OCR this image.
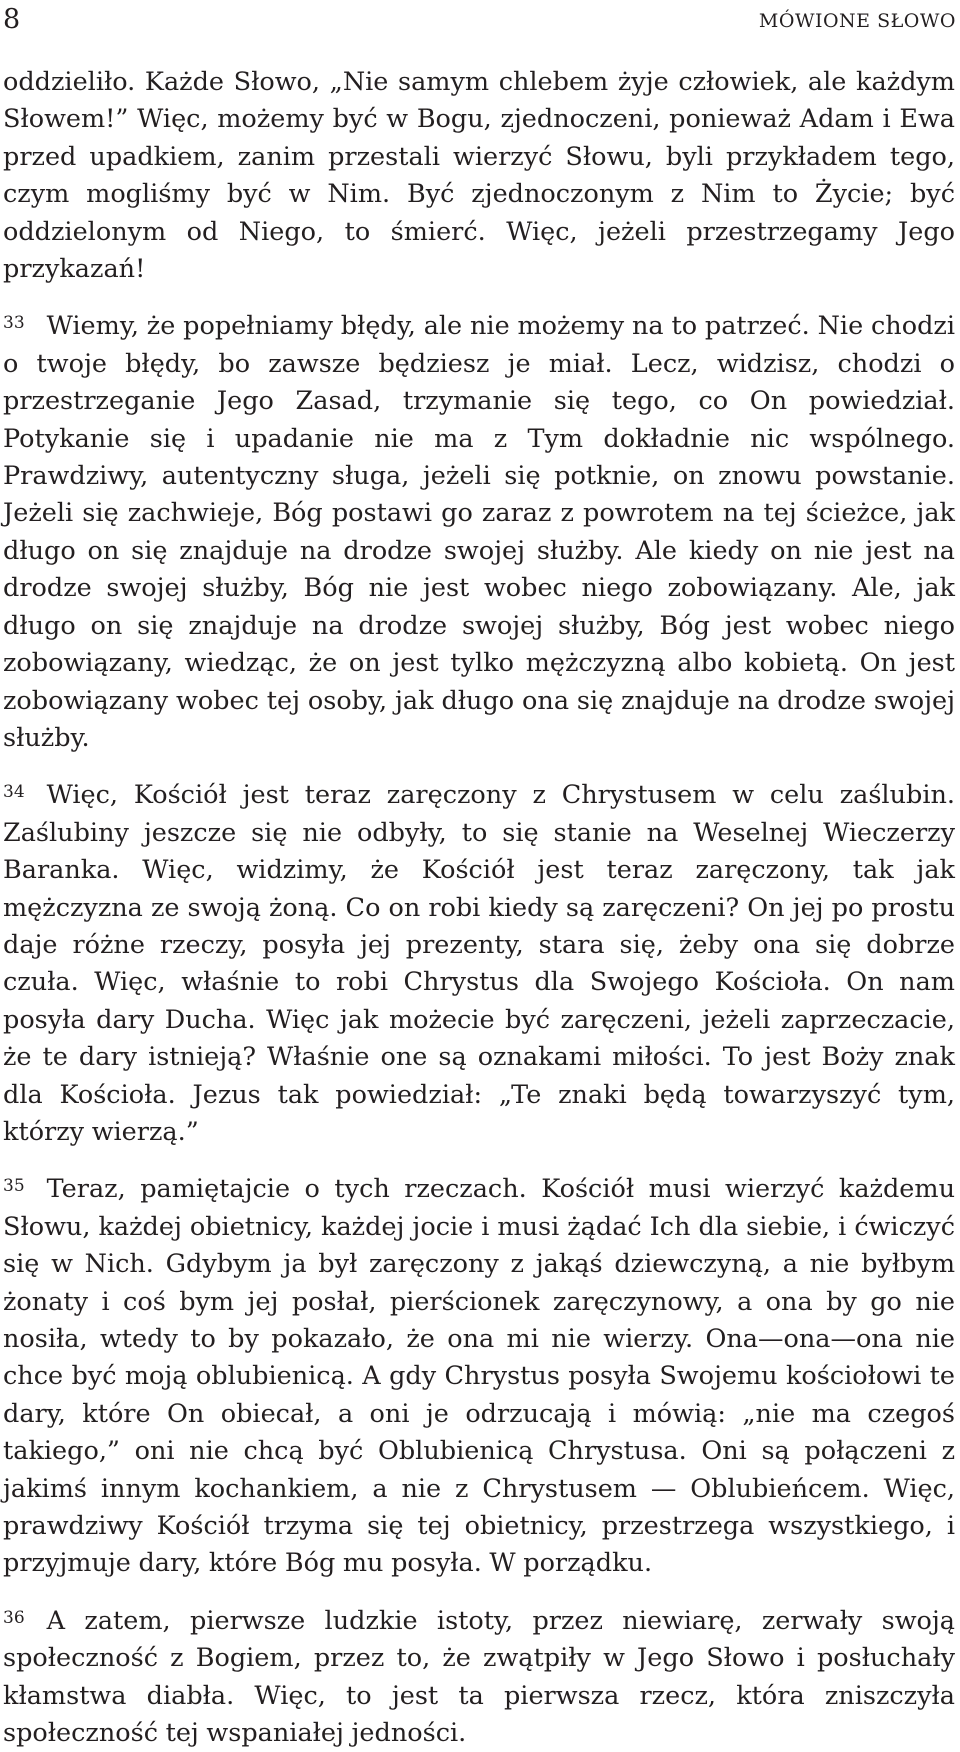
8	MÓWIONE SŁOWO

oddzieliło. Każde Słowo, „Nie samym chlebem żyje człowiek, ale każdym Słowem!” Więc, możemy być w Bogu, zjednoczeni, ponieważ Adam i Ewa przed upadkiem, zanim przestali wierzyć Słowu, byli przykładem tego, czym mogliśmy być w Nim. Być zjednoczonym z Nim to Życie; być oddzielonym od Niego, to śmierć. Więc, jeżeli przestrzegamy Jego przykazań!

$^{33}$ Wiemy, że popełniamy błędy, ale nie możemy na to patrzeć. Nie chodzi o twoje błędy, bo zawsze będziesz je miał. Lecz, widzisz, chodzi o przestrzeganie Jego Zasad, trzymanie się tego, co On powiedział. Potykanie się i upadanie nie ma z Tym dokładnie nic wspólnego. Prawdziwy, autentyczny sługa, jeżeli się potknie, on znowu powstanie. Jeżeli się zachwieje, Bóg postawi go zaraz z powrotem na tej ścieżce, jak długo on się znajduje na drodze swojej służby. Ale kiedy on nie jest na drodze swojej służby, Bóg nie jest wobec niego zobowiązany. Ale, jak długo on się znajduje na drodze swojej służby, Bóg jest wobec niego zobowiązany, wiedząc, że on jest tylko mężczyzną albo kobietą. On jest zobowiązany wobec tej osoby, jak długo ona się znajduje na drodze swojej służby.

$^{34}$ Więc, Kościół jest teraz zaręczony z Chrystusem w celu zaślubin. Zaślubiny jeszcze się nie odbyły, to się stanie na Weselnej Wieczerzy Baranka. Więc, widzimy, że Kościół jest teraz zaręczony, tak jak mężczyzna ze swoją żoną. Co on robi kiedy są zaręczeni? On jej po prostu daje różne rzeczy, posyła jej prezenty, stara się, żeby ona się dobrze czuła. Więc, właśnie to robi Chrystus dla Swojego Kościoła. On nam posyła dary Ducha. Więc jak możecie być zaręczeni, jeżeli zaprzeczacie, że te dary istnieją? Właśnie one są oznakami miłości. To jest Boży znak dla Kościoła. Jezus tak powiedział: „Te znaki będą towarzyszyć tym, którzy wierzą.”

$^{35}$ Teraz, pamiętajcie o tych rzeczach. Kościół musi wierzyć każdemu Słowu, każdej obietnicy, każdej jocie i musi żądać Ich dla siebie, i ćwiczyć się w Nich. Gdybym ja był zaręczony z jakąś dziewczyną, a nie byłbym żonaty i coś bym jej posłał, pierścionek zaręczynowy, a ona by go nie nosiła, wtedy to by pokazało, że ona mi nie wierzy. Ona—ona—ona nie chce być moją oblubienicą. A gdy Chrystus posyła Swojemu kościołowi te dary, które On obiecał, a oni je odrzucają i mówią: „nie ma czegoś takiego,” oni nie chcą być Oblubienicą Chrystusa. Oni są połączeni z jakimś innym kochankiem, a nie z Chrystusem — Oblubieńcem. Więc, prawdziwy Kościół trzyma się tej obietnicy, przestrzega wszystkiego, i przyjmuje dary, które Bóg mu posyła. W porządku.

$^{36}$ A zatem, pierwsze ludzkie istoty, przez niewiarę, zerwały swoją społeczność z Bogiem, przez to, że zwątpiły w Jego Słowo i posłuchały kłamstwa diabła. Więc, to jest ta pierwsza rzecz, która zniszczyła społeczność tej wspaniałej jedności.
